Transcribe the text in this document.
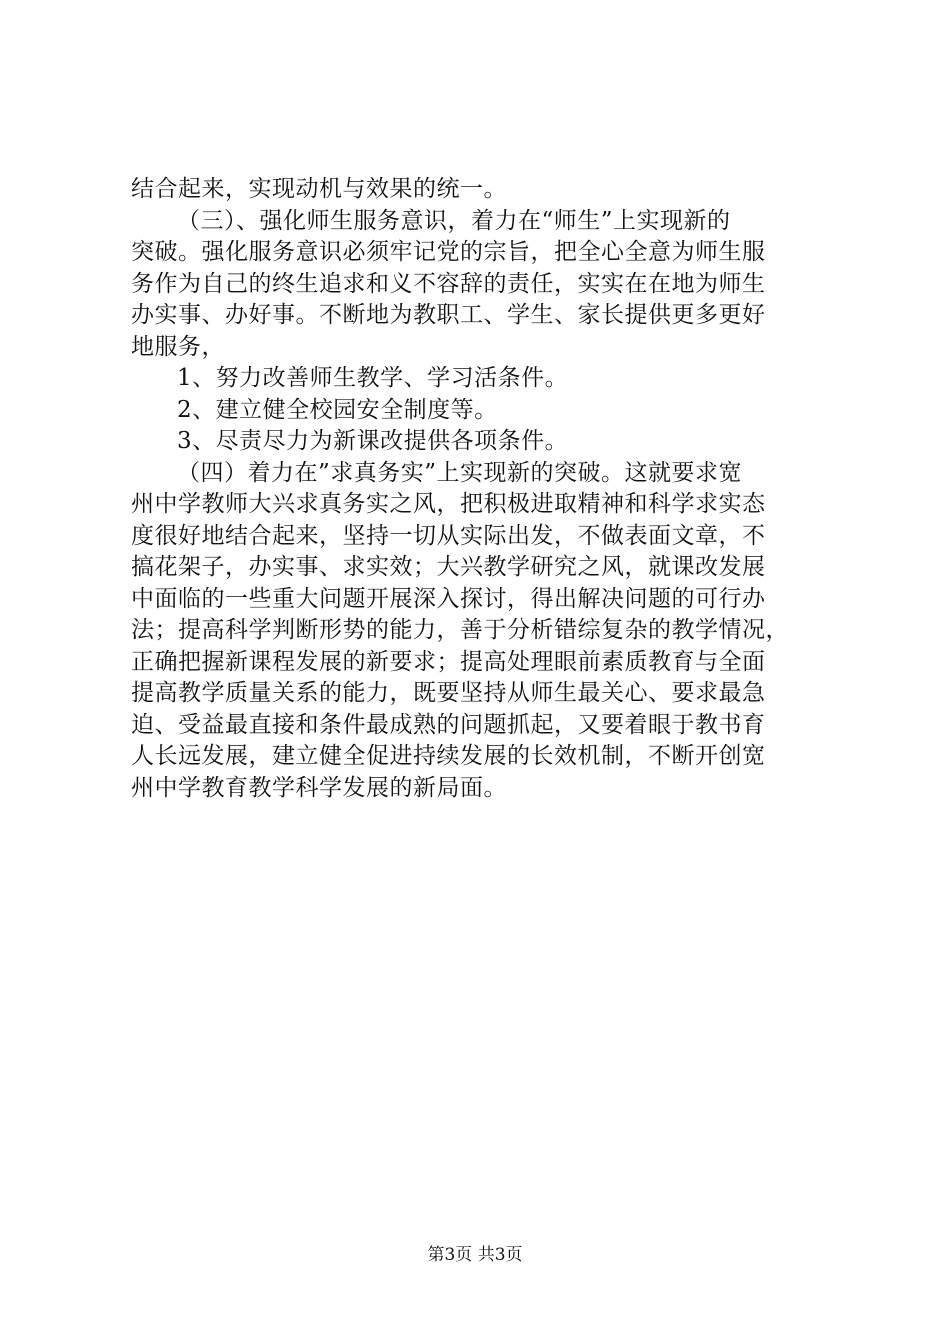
结合起来，实现动机与效果的统一。
（三）、强化师生服务意识，着力在“师生”上实现新的
突破。强化服务意识必须牢记党的宗旨，把全心全意为师生服
务作为自己的终生追求和义不容辞的责任，实实在在地为师生
办实事、办好事。不断地为教职工、学生、家长提供更多更好
地服务，
1、努力改善师生教学、学习活条件。
2、建立健全校园安全制度等。
3、尽责尽力为新课改提供各项条件。
（四）着力在”求真务实”上实现新的突破。这就要求宽
州中学教师大兴求真务实之风，把积极进取精神和科学求实态
度很好地结合起来，坚持一切从实际出发，不做表面文章，不
搞花架子，办实事、求实效；大兴教学研究之风，就课改发展
中面临的一些重大问题开展深入探讨，得出解决问题的可行办
法；提高科学判断形势的能力，善于分析错综复杂的教学情况，
正确把握新课程发展的新要求；提高处理眼前素质教育与全面
提高教学质量关系的能力，既要坚持从师生最关心、要求最急
迫、受益最直接和条件最成熟的问题抓起，又要着眼于教书育
人长远发展，建立健全促进持续发展的长效机制，不断开创宽
州中学教育教学科学发展的新局面。
第3页 共3页
